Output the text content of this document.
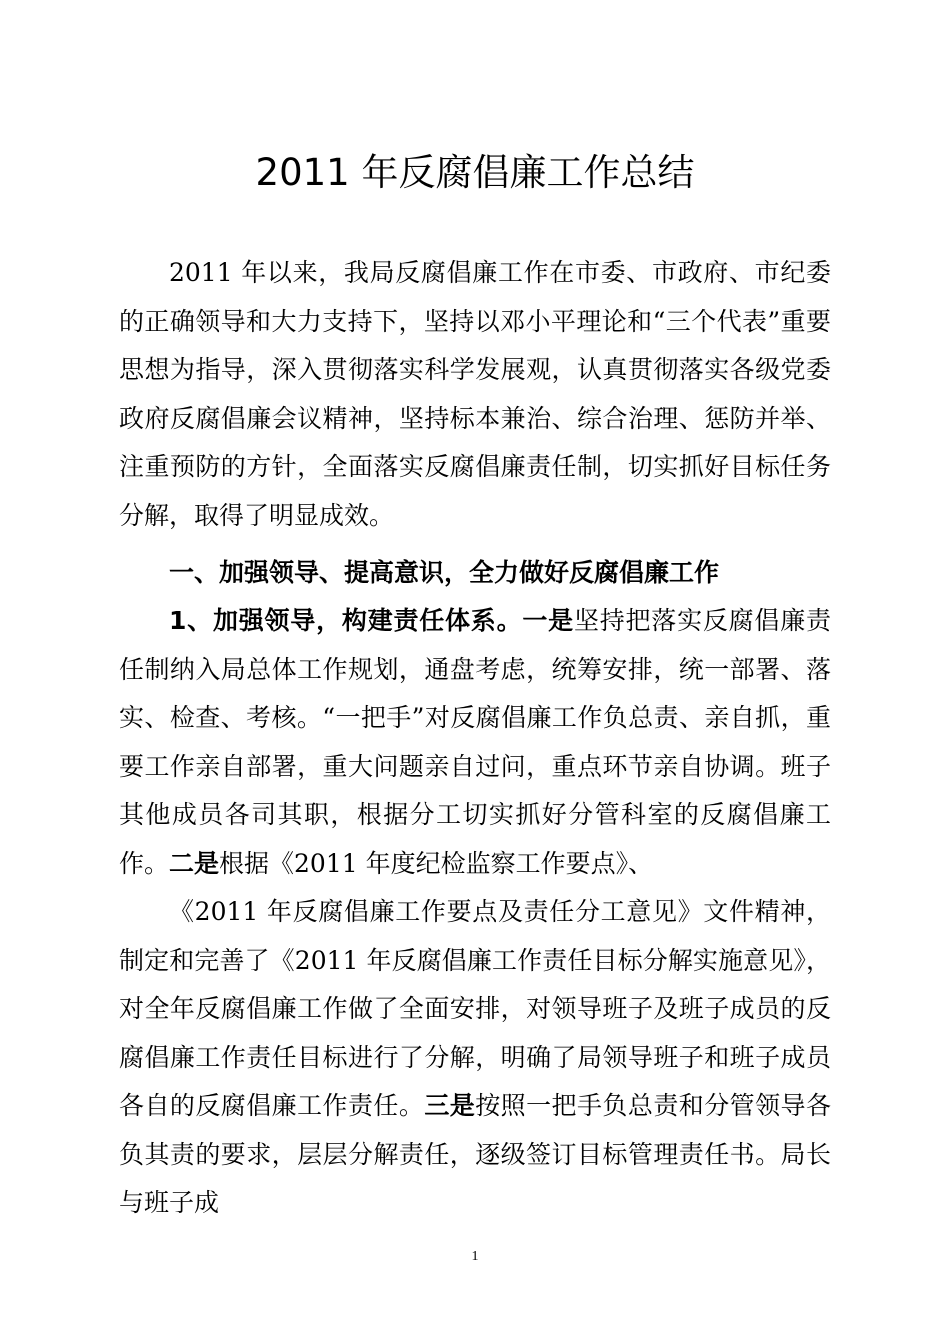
2011 年反腐倡廉工作总结

2011 年以来，我局反腐倡廉工作在市委、市政府、市纪委的正确领导和大力支持下，坚持以邓小平理论和“三个代表”重要思想为指导，深入贯彻落实科学发展观，认真贯彻落实各级党委政府反腐倡廉会议精神，坚持标本兼治、综合治理、惩防并举、注重预防的方针，全面落实反腐倡廉责任制，切实抓好目标任务分解，取得了明显成效。

一、加强领导、提高意识，全力做好反腐倡廉工作

1、加强领导，构建责任体系。一是坚持把落实反腐倡廉责任制纳入局总体工作规划，通盘考虑，统筹安排，统一部署、落实、检查、考核。“一把手”对反腐倡廉工作负总责、亲自抓，重要工作亲自部署，重大问题亲自过问，重点环节亲自协调。班子其他成员各司其职，根据分工切实抓好分管科室的反腐倡廉工作。二是根据《2011 年度纪检监察工作要点》、

《2011 年反腐倡廉工作要点及责任分工意见》文件精神，制定和完善了《2011 年反腐倡廉工作责任目标分解实施意见》，对全年反腐倡廉工作做了全面安排，对领导班子及班子成员的反腐倡廉工作责任目标进行了分解，明确了局领导班子和班子成员各自的反腐倡廉工作责任。三是按照一把手负总责和分管领导各负其责的要求，层层分解责任，逐级签订目标管理责任书。局长与班子成

1
